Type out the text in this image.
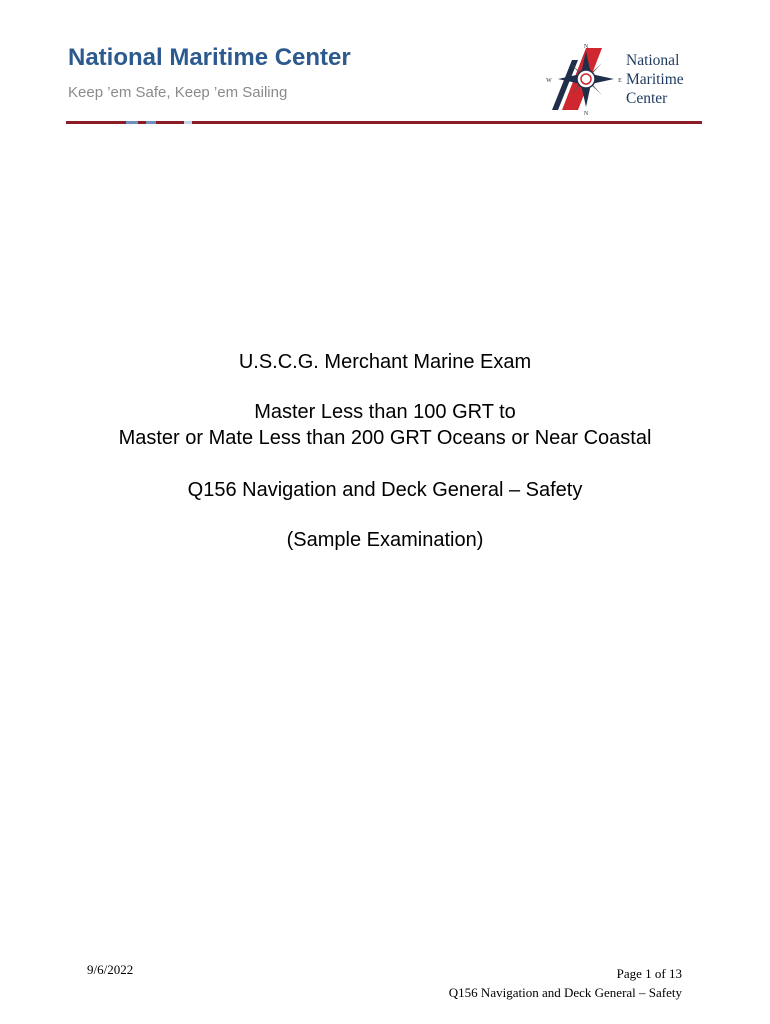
National Maritime Center
Keep ’em Safe, Keep ’em Sailing
N
W	E
N
National
Maritime
Center
U.S.C.G. Merchant Marine Exam
Master Less than 100 GRT to
Master or Mate Less than 200 GRT Oceans or Near Coastal
Q156 Navigation and Deck General – Safety
(Sample Examination)
9/6/2022	Page 1 of 13
Q156 Navigation and Deck General – Safety
